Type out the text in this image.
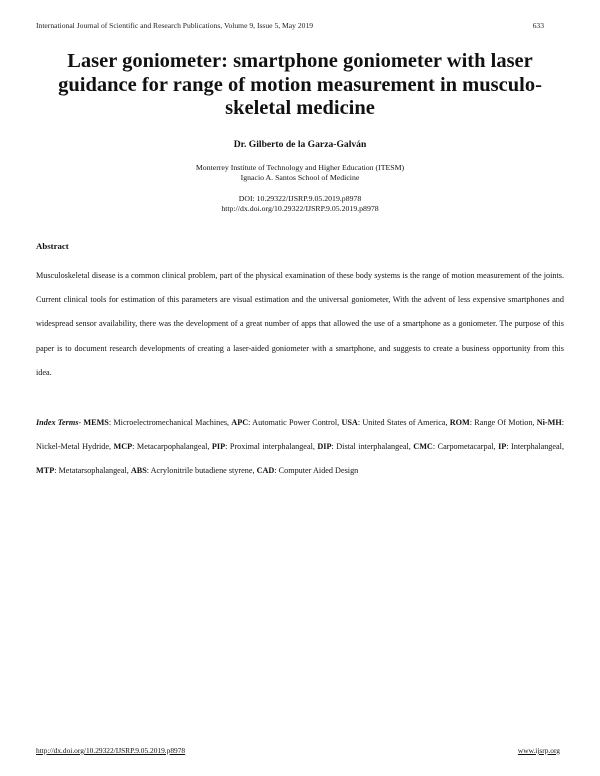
International Journal of Scientific and Research Publications, Volume 9, Issue 5, May 2019	633
Laser goniometer: smartphone goniometer with laser guidance for range of motion measurement in musculo-skeletal medicine
Dr. Gilberto de la Garza-Galván
Monterrey Institute of Technology and Higher Education (ITESM)
Ignacio A. Santos School of Medicine
DOI: 10.29322/IJSRP.9.05.2019.p8978
http://dx.doi.org/10.29322/IJSRP.9.05.2019.p8978
Abstract

Musculoskeletal disease is a common clinical problem, part of the physical examination of these body systems is the range of motion measurement of the joints. Current clinical tools for estimation of this parameters are visual estimation and the universal goniometer, With the advent of less expensive smartphones and widespread sensor availability, there was the development of a great number of apps that allowed the use of a smartphone as a goniometer. The purpose of this paper is to document research developments of creating a laser-aided goniometer with a smartphone, and suggests to create a business opportunity from this idea.

Index Terms- MEMS: Microelectromechanical Machines, APC: Automatic Power Control, USA: United States of America, ROM: Range Of Motion, Ni-MH: Nickel-Metal Hydride, MCP: Metacarpophalangeal, PIP: Proximal interphalangeal, DIP: Distal interphalangeal, CMC: Carpometacarpal, IP: Interphalangeal, MTP: Metatarsophalangeal, ABS: Acrylonitrile butadiene styrene, CAD: Computer Aided Design

http://dx.doi.org/10.29322/IJSRP.9.05.2019.p8978	www.ijsrp.org
